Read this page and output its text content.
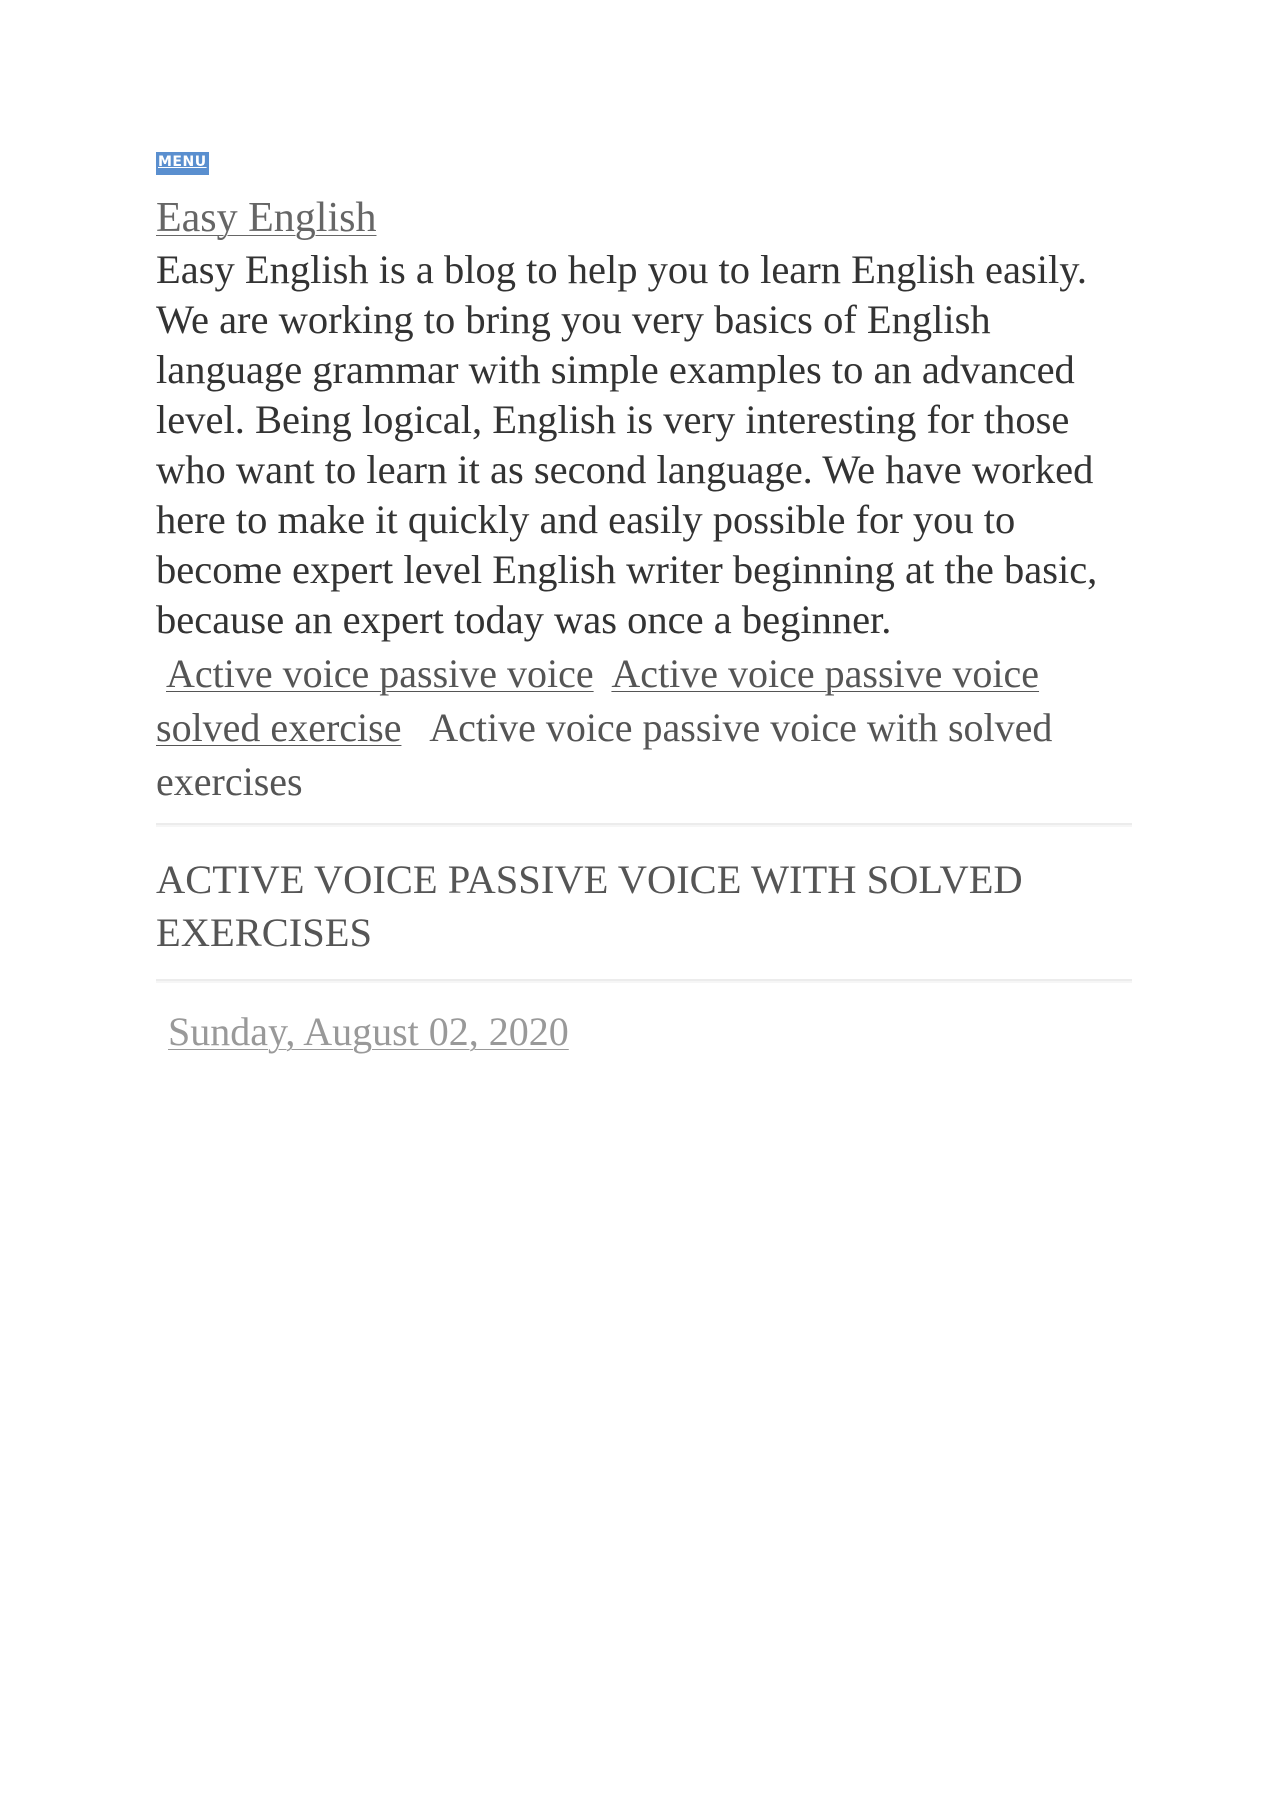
MENU
Easy English
Easy English is a blog to help you to learn English easily. We are working to bring you very basics of English language grammar with simple examples to an advanced level. Being logical, English is very interesting for those who want to learn it as second language. We have worked here to make it quickly and easily possible for you to become expert level English writer beginning at the basic, because an expert today was once a beginner.
Active voice passive voice Active voice passive voice solved exercise Active voice passive voice with solved exercises
ACTIVE VOICE PASSIVE VOICE WITH SOLVED EXERCISES
Sunday, August 02, 2020
